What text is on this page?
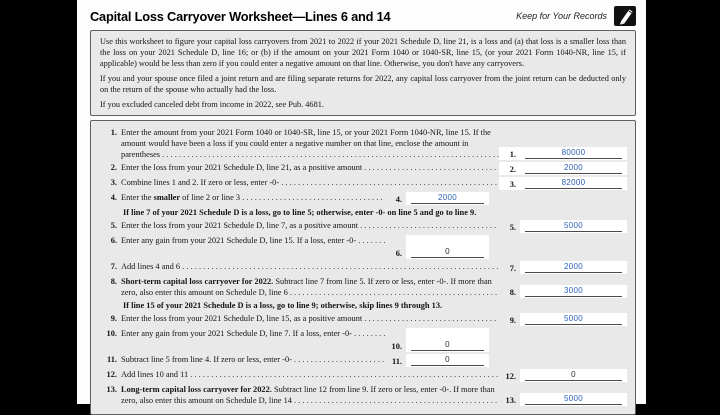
Capital Loss Carryover Worksheet—Lines 6 and 14	Keep for Your Records

Use this worksheet to figure your capital loss carryovers from 2021 to 2022 if your 2021 Schedule D, line 21, is a loss and (a) that loss is a smaller loss than the loss on your 2021 Schedule D, line 16; or (b) if the amount on your 2021 Form 1040 or 1040-SR, line 15, (or your 2021 Form 1040-NR, line 15, if applicable) would be less than zero if you could enter a negative amount on that line. Otherwise, you don't have any carryovers.

If you and your spouse once filed a joint return and are filing separate returns for 2022, any capital loss carryover from the joint return can be deducted only on the return of the spouse who actually had the loss.

If you excluded canceled debt from income in 2022, see Pub. 4681.

1. Enter the amount from your 2021 Form 1040 or 1040-SR, line 15, or your 2021 Form 1040-NR, line 15. If the amount would have been a loss if you could enter a negative number on that line, enclose the amount in parentheses	1.	80000
2. Enter the loss from your 2021 Schedule D, line 21, as a positive amount	2.	2000
3. Combine lines 1 and 2. If zero or less, enter -0-	3.	82000
4. Enter the smaller of line 2 or line 3	4.	2000
If line 7 of your 2021 Schedule D is a loss, go to line 5; otherwise, enter -0- on line 5 and go to line 9.
5. Enter the loss from your 2021 Schedule D, line 7, as a positive amount	5.	5000
6. Enter any gain from your 2021 Schedule D, line 15. If a loss, enter -0-
6.	0
7. Add lines 4 and 6	7.	2000
8. Short-term capital loss carryover for 2022. Subtract line 7 from line 5. If zero or less, enter -0-. If more than zero, also enter this amount on Schedule D, line 6	8.	3000
If line 15 of your 2021 Schedule D is a loss, go to line 9; otherwise, skip lines 9 through 13.
9. Enter the loss from your 2021 Schedule D, line 15, as a positive amount	9.	5000
10. Enter any gain from your 2021 Schedule D, line 7. If a loss, enter -0-
10.	0
11. Subtract line 5 from line 4. If zero or less, enter -0-	11.	0
12. Add lines 10 and 11	12.	0
13. Long-term capital loss carryover for 2022. Subtract line 12 from line 9. If zero or less, enter -0-. If more than zero, also enter this amount on Schedule D, line 14	13.	5000
